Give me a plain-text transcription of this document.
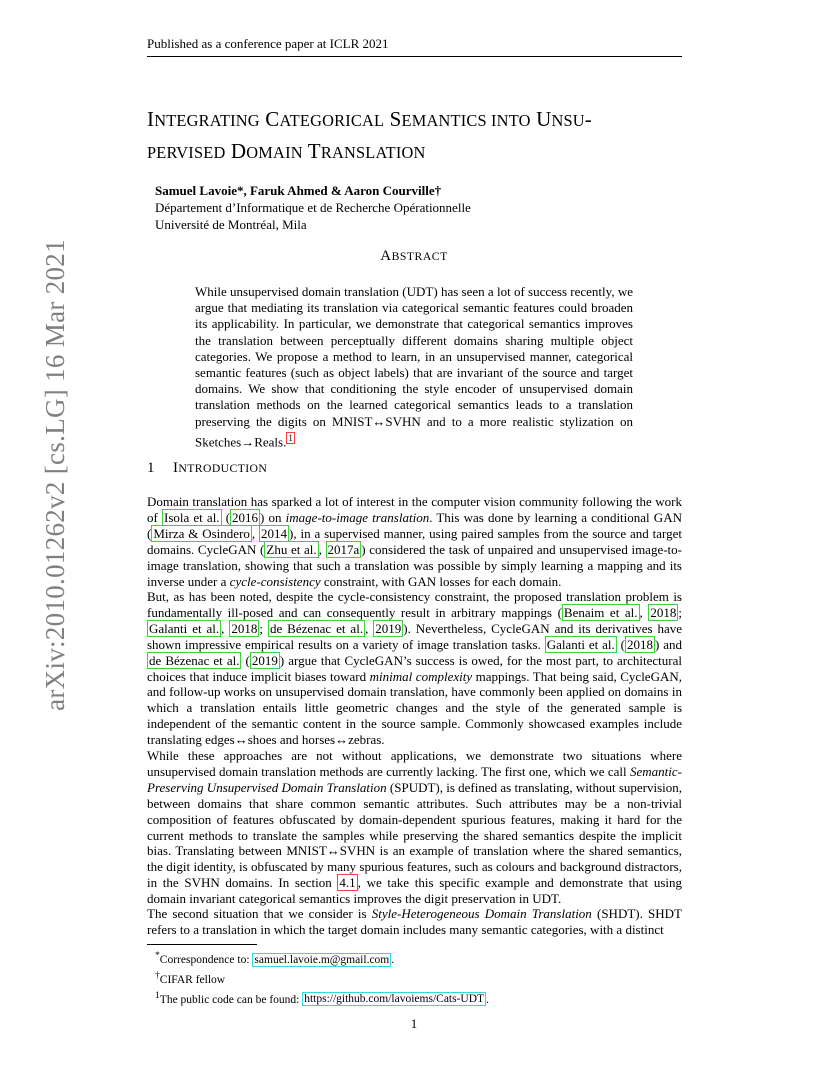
arXiv:2010.01262v2 [cs.LG] 16 Mar 2021
Published as a conference paper at ICLR 2021
INTEGRATING CATEGORICAL SEMANTICS INTO UNSU-
PERVISED DOMAIN TRANSLATION
Samuel Lavoie*, Faruk Ahmed & Aaron Courville†
Département d’Informatique et de Recherche Opérationnelle
Université de Montréal, Mila
ABSTRACT
While unsupervised domain translation (UDT) has seen a lot of success recently, we argue that mediating its translation via categorical semantic features could broaden its applicability. In particular, we demonstrate that categorical semantics improves the translation between perceptually different domains sharing multiple object categories. We propose a method to learn, in an unsupervised manner, categorical semantic features (such as object labels) that are invariant of the source and target domains. We show that conditioning the style encoder of unsupervised domain translation methods on the learned categorical semantics leads to a translation preserving the digits on MNIST↔SVHN and to a more realistic stylization on Sketches→Reals. $^1$
1 INTRODUCTION

Domain translation has sparked a lot of interest in the computer vision community following the work of Isola et al. ( 2016 ) on image-to-image translation. This was done by learning a conditional GAN ( Mirza & Osindero , 2014 ), in a supervised manner, using paired samples from the source and target domains. CycleGAN ( Zhu et al. , 2017a ) considered the task of unpaired and unsupervised image-to-image translation, showing that such a translation was possible by simply learning a mapping and its inverse under a cycle-consistency constraint, with GAN losses for each domain.

But, as has been noted, despite the cycle-consistency constraint, the proposed translation problem is fundamentally ill-posed and can consequently result in arbitrary mappings ( Benaim et al. , 2018 ; Galanti et al. , 2018 ; de Bézenac et al. , 2019 ). Nevertheless, CycleGAN and its derivatives have shown impressive empirical results on a variety of image translation tasks. Galanti et al. ( 2018 ) and de Bézenac et al. ( 2019 ) argue that CycleGAN’s success is owed, for the most part, to architectural choices that induce implicit biases toward minimal complexity mappings. That being said, CycleGAN, and follow-up works on unsupervised domain translation, have commonly been applied on domains in which a translation entails little geometric changes and the style of the generated sample is independent of the semantic content in the source sample. Commonly showcased examples include translating edges↔shoes and horses↔zebras.

While these approaches are not without applications, we demonstrate two situations where unsupervised domain translation methods are currently lacking. The first one, which we call Semantic-Preserving Unsupervised Domain Translation (SPUDT), is defined as translating, without supervision, between domains that share common semantic attributes. Such attributes may be a non-trivial composition of features obfuscated by domain-dependent spurious features, making it hard for the current methods to translate the samples while preserving the shared semantics despite the implicit bias. Translating between MNIST↔SVHN is an example of translation where the shared semantics, the digit identity, is obfuscated by many spurious features, such as colours and background distractors, in the SVHN domains. In section 4.1 , we take this specific example and demonstrate that using domain invariant categorical semantics improves the digit preservation in UDT.

The second situation that we consider is Style-Heterogeneous Domain Translation (SHDT). SHDT refers to a translation in which the target domain includes many semantic categories, with a distinct

*Correspondence to: samuel.lavoie.m@gmail.com .
†CIFAR fellow
$^1$The public code can be found: https://github.com/lavoiems/Cats-UDT .
1
